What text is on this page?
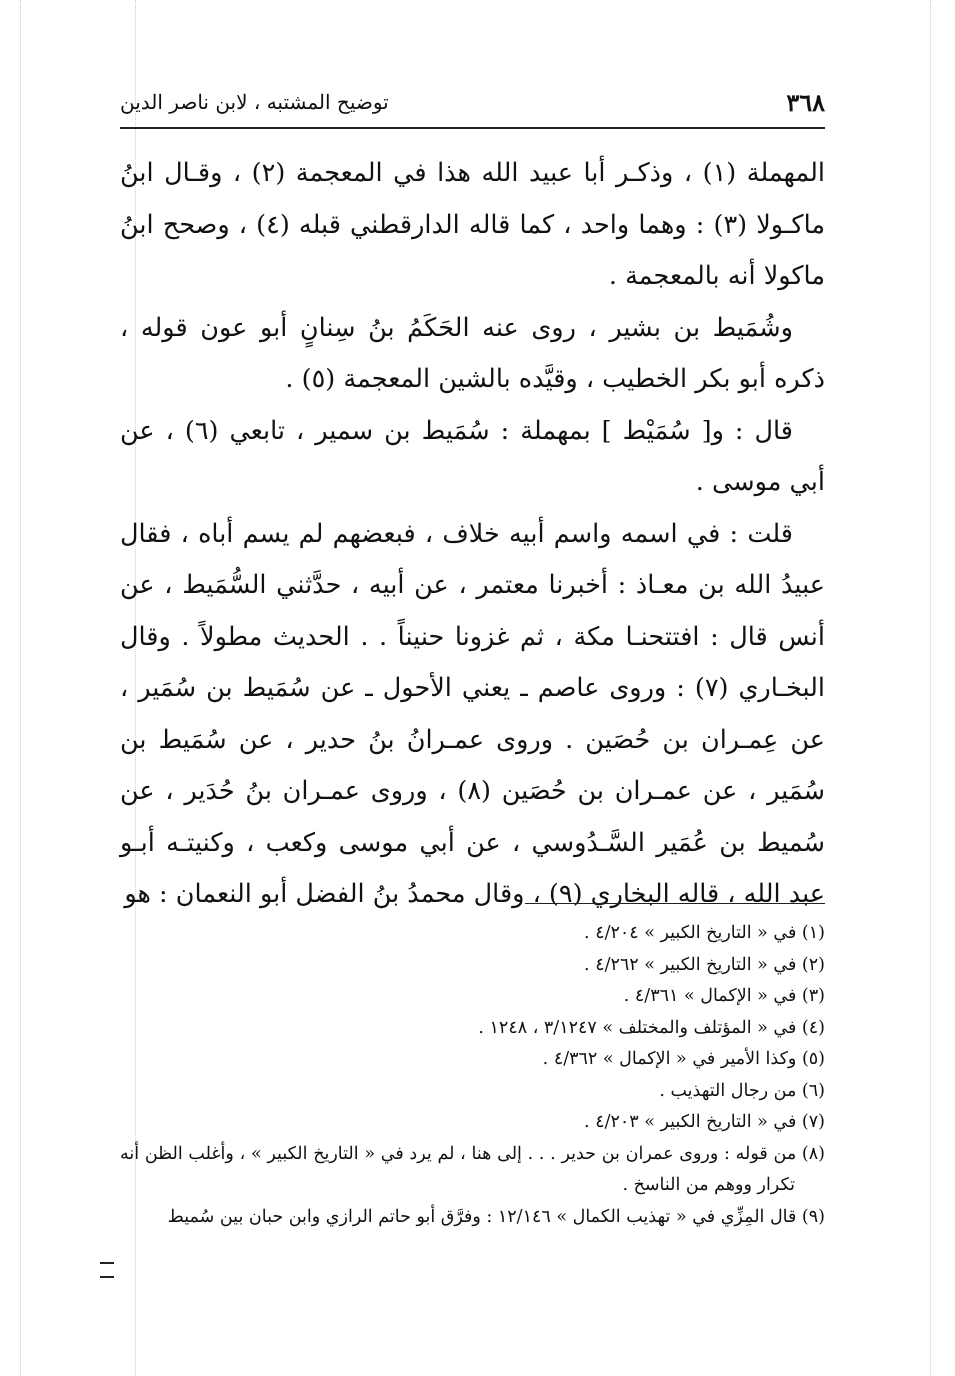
٣٦٨
توضيح المشتبه ، لابن ناصر الدين

المهملة (١) ، وذكـر أبا عبيد الله هذا في المعجمة (٢) ، وقـال ابنُ ماكـولا (٣) : وهما واحد ، كما قاله الدارقطني قبله (٤) ، وصحح ابنُ ماكولا أنه بالمعجمة .

وشُمَيط بن بشير ، روى عنه الحَكَمُ بنُ سِنانٍ أبو عون قوله ، ذكره أبو بكر الخطيب ، وقيَّده بالشين المعجمة (٥) .

قال : و[ سُمَيْط ] بمهملة : سُمَيط بن سمير ، تابعي (٦) ، عن أبي موسى .

قلت : في اسمه واسم أبيه خلاف ، فبعضهم لم يسم أباه ، فقال عبيدُ الله بن معـاذ : أخبرنا معتمر ، عن أبيه ، حدَّثني السُّمَيط ، عن أنس قال : افتتحنـا مكة ، ثم غزونا حنيناً . . الحديث مطولاً . وقال البخـاري (٧) : وروى عاصم ـ يعني الأحول ـ عن سُمَيط بن سُمَير ، عن عِمـران بن حُصَين . وروى عمـرانُ بنُ حدير ، عن سُمَيط بن سُمَير ، عن عمـران بن حُصَين (٨) ، وروى عمـران بنُ حُدَير ، عن سُميط بن عُمَير السَّـدُوسي ، عن أبي موسى وكعب ، وكنيتـه أبـو عبد الله ، قاله البخاري (٩) ، وقال محمدُ بنُ الفضل أبو النعمان : هو

(١) في « التاريخ الكبير » ٤/٢٠٤ .

(٢) في « التاريخ الكبير » ٤/٢٦٢ .

(٣) في « الإكمال » ٤/٣٦١ .

(٤) في « المؤتلف والمختلف » ٣/١٢٤٧ ، ١٢٤٨ .

(٥) وكذا الأمير في « الإكمال » ٤/٣٦٢ .

(٦) من رجال التهذيب .

(٧) في « التاريخ الكبير » ٤/٢٠٣ .

(٨) من قوله : وروى عمران بن حدير . . . إلى هنا ، لم يرد في « التاريخ الكبير » ، وأغلب الظن أنه تكرار ووهم من الناسخ .

(٩) قال المِزِّي في « تهذيب الكمال » ١٢/١٤٦ : وفرَّق أبو حاتم الرازي وابن حبان بين سُميط
